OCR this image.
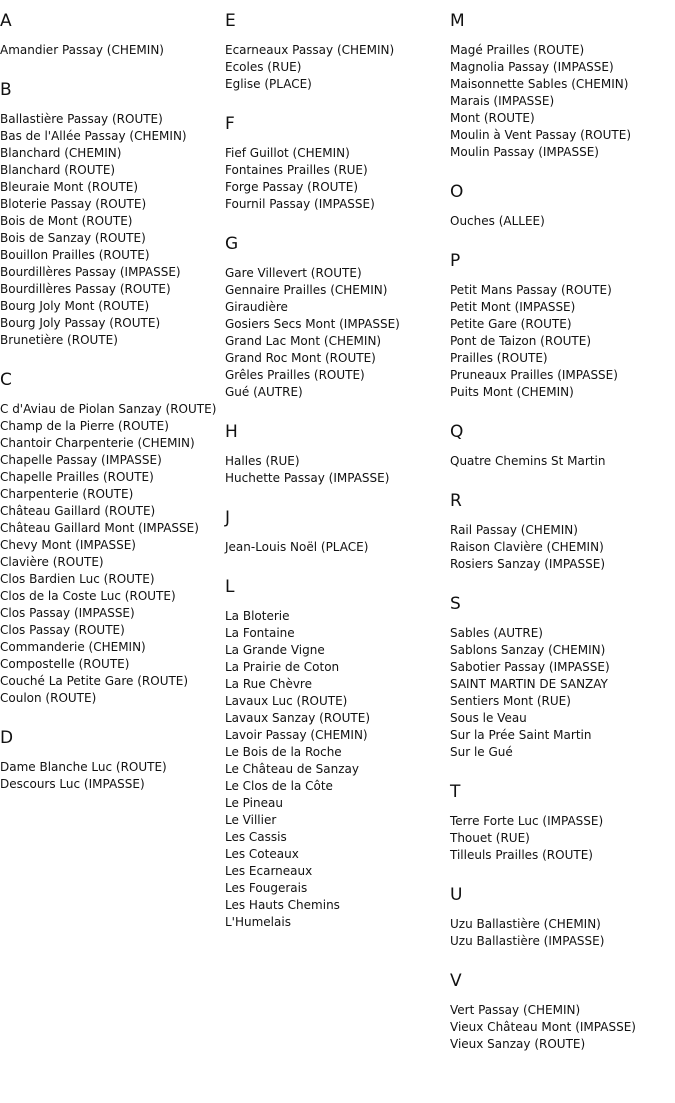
A
Amandier Passay (CHEMIN)
B
Ballastière Passay (ROUTE)
Bas de l'Allée Passay (CHEMIN)
Blanchard (CHEMIN)
Blanchard (ROUTE)
Bleuraie Mont (ROUTE)
Bloterie Passay (ROUTE)
Bois de Mont (ROUTE)
Bois de Sanzay (ROUTE)
Bouillon Prailles (ROUTE)
Bourdillères Passay (IMPASSE)
Bourdillères Passay (ROUTE)
Bourg Joly Mont (ROUTE)
Bourg Joly Passay (ROUTE)
Brunetière (ROUTE)
C
C d'Aviau de Piolan Sanzay (ROUTE)
Champ de la Pierre (ROUTE)
Chantoir Charpenterie (CHEMIN)
Chapelle Passay (IMPASSE)
Chapelle Prailles (ROUTE)
Charpenterie (ROUTE)
Château Gaillard (ROUTE)
Château Gaillard Mont (IMPASSE)
Chevy Mont (IMPASSE)
Clavière (ROUTE)
Clos Bardien Luc (ROUTE)
Clos de la Coste Luc (ROUTE)
Clos Passay (IMPASSE)
Clos Passay (ROUTE)
Commanderie (CHEMIN)
Compostelle (ROUTE)
Couché La Petite Gare (ROUTE)
Coulon (ROUTE)
D
Dame Blanche Luc (ROUTE)
Descours Luc (IMPASSE)
E
Ecarneaux Passay (CHEMIN)
Ecoles (RUE)
Eglise (PLACE)
F
Fief Guillot (CHEMIN)
Fontaines Prailles (RUE)
Forge Passay (ROUTE)
Fournil Passay (IMPASSE)
G
Gare Villevert (ROUTE)
Gennaire Prailles (CHEMIN)
Giraudière
Gosiers Secs Mont (IMPASSE)
Grand Lac Mont (CHEMIN)
Grand Roc Mont (ROUTE)
Grêles Prailles (ROUTE)
Gué (AUTRE)
H
Halles (RUE)
Huchette Passay (IMPASSE)
J
Jean-Louis Noël (PLACE)
L
La Bloterie
La Fontaine
La Grande Vigne
La Prairie de Coton
La Rue Chèvre
Lavaux Luc (ROUTE)
Lavaux Sanzay (ROUTE)
Lavoir Passay (CHEMIN)
Le Bois de la Roche
Le Château de Sanzay
Le Clos de la Côte
Le Pineau
Le Villier
Les Cassis
Les Coteaux
Les Ecarneaux
Les Fougerais
Les Hauts Chemins
L'Humelais
M
Magé Prailles (ROUTE)
Magnolia Passay (IMPASSE)
Maisonnette Sables (CHEMIN)
Marais (IMPASSE)
Mont (ROUTE)
Moulin à Vent Passay (ROUTE)
Moulin Passay (IMPASSE)
O
Ouches (ALLEE)
P
Petit Mans Passay (ROUTE)
Petit Mont (IMPASSE)
Petite Gare (ROUTE)
Pont de Taizon (ROUTE)
Prailles (ROUTE)
Pruneaux Prailles (IMPASSE)
Puits Mont (CHEMIN)
Q
Quatre Chemins St Martin
R
Rail Passay (CHEMIN)
Raison Clavière (CHEMIN)
Rosiers Sanzay (IMPASSE)
S
Sables (AUTRE)
Sablons Sanzay (CHEMIN)
Sabotier Passay (IMPASSE)
SAINT MARTIN DE SANZAY
Sentiers Mont (RUE)
Sous le Veau
Sur la Prée Saint Martin
Sur le Gué
T
Terre Forte Luc (IMPASSE)
Thouet (RUE)
Tilleuls Prailles (ROUTE)
U
Uzu Ballastière (CHEMIN)
Uzu Ballastière (IMPASSE)
V
Vert Passay (CHEMIN)
Vieux Château Mont (IMPASSE)
Vieux Sanzay (ROUTE)
